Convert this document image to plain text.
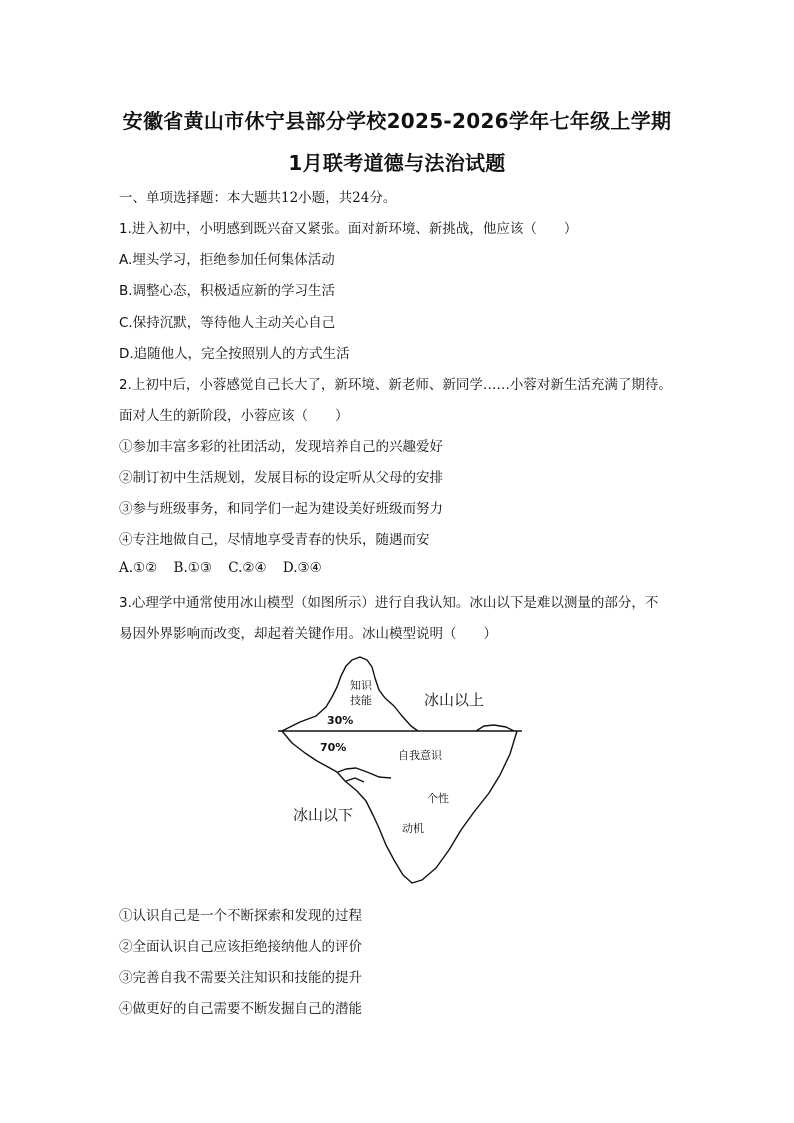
安徽省黄山市休宁县部分学校2025-2026学年七年级上学期
1月联考道德与法治试题
一、单项选择题：本大题共12小题，共24分。
1.进入初中，小明感到既兴奋又紧张。面对新环境、新挑战，他应该（　　）
A.埋头学习，拒绝参加任何集体活动
B.调整心态，积极适应新的学习生活
C.保持沉默，等待他人主动关心自己
D.追随他人，完全按照别人的方式生活
2.上初中后，小蓉感觉自己长大了，新环境、新老师、新同学……小蓉对新生活充满了期待。
面对人生的新阶段，小蓉应该（　　）
①参加丰富多彩的社团活动，发现培养自己的兴趣爱好
②制订初中生活规划，发展目标的设定听从父母的安排
③参与班级事务，和同学们一起为建设美好班级而努力
④专注地做自己，尽情地享受青春的快乐，随遇而安
A.①② B.①③ C.②④ D.③④
3.心理学中通常使用冰山模型（如图所示）进行自我认知。冰山以下是难以测量的部分，不
易因外界影响而改变，却起着关键作用。冰山模型说明（　　）
知识
技能
30%
冰山以上
70%
自我意识
个性
冰山以下
动机
①认识自己是一个不断探索和发现的过程
②全面认识自己应该拒绝接纳他人的评价
③完善自我不需要关注知识和技能的提升
④做更好的自己需要不断发掘自己的潜能
